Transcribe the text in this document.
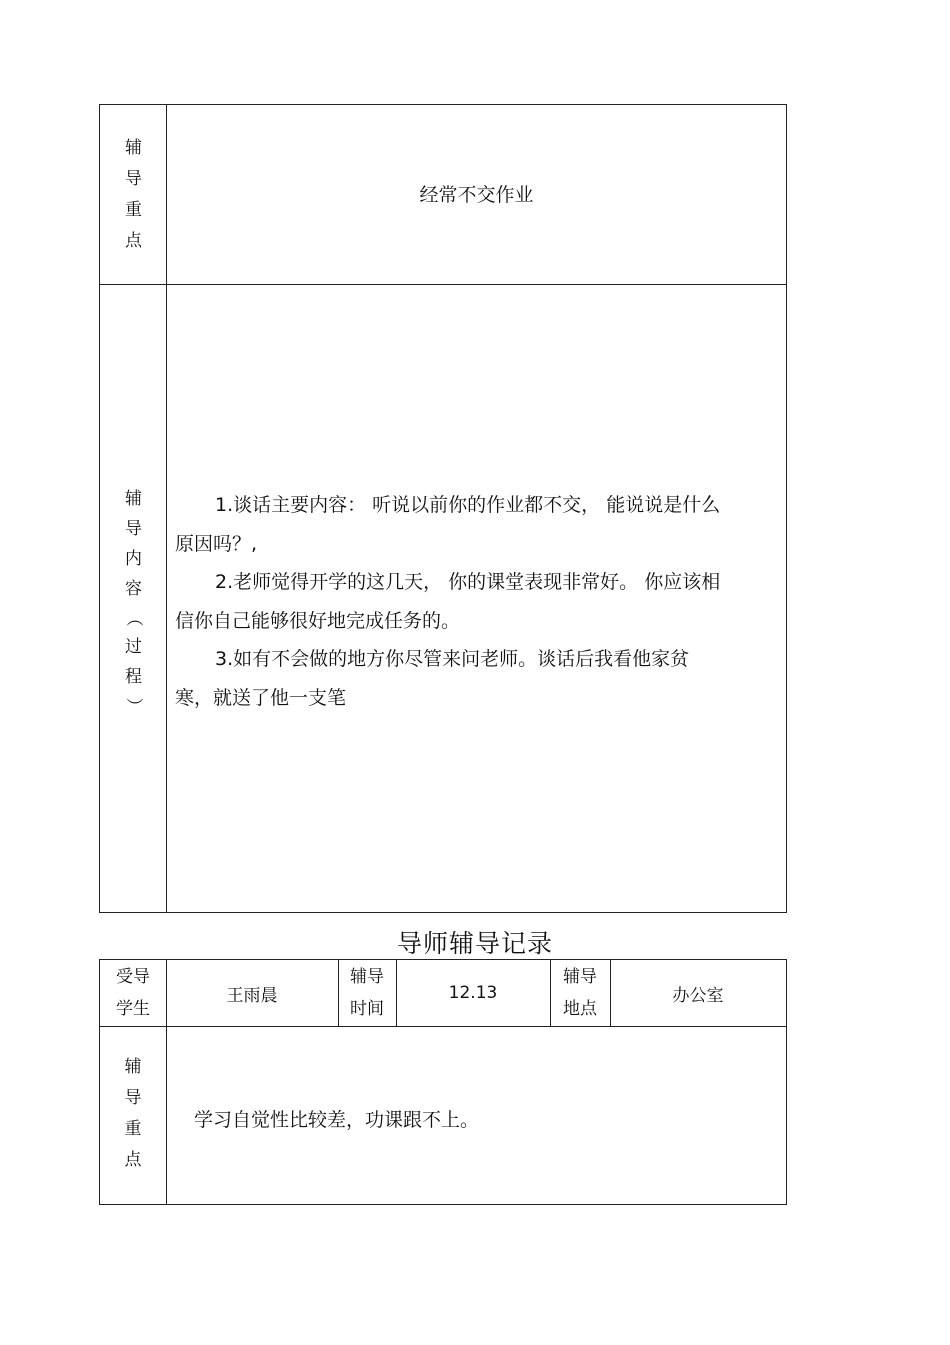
辅
导
重
点
经常不交作业
辅
导
内
容
（
过
程
）

1.谈话主要内容： 听说以前你的作业都不交， 能说说是什么

原因吗？,

2.老师觉得开学的这几天， 你的课堂表现非常好。 你应该相

信你自己能够很好地完成任务的。

3.如有不会做的地方你尽管来问老师。谈话后我看他家贫

寒，就送了他一支笔

导师辅导记录
受导
学生
王雨晨
辅导
时间
12.13
辅导
地点
办公室
辅
导
重
点
学习自觉性比较差，功课跟不上。
